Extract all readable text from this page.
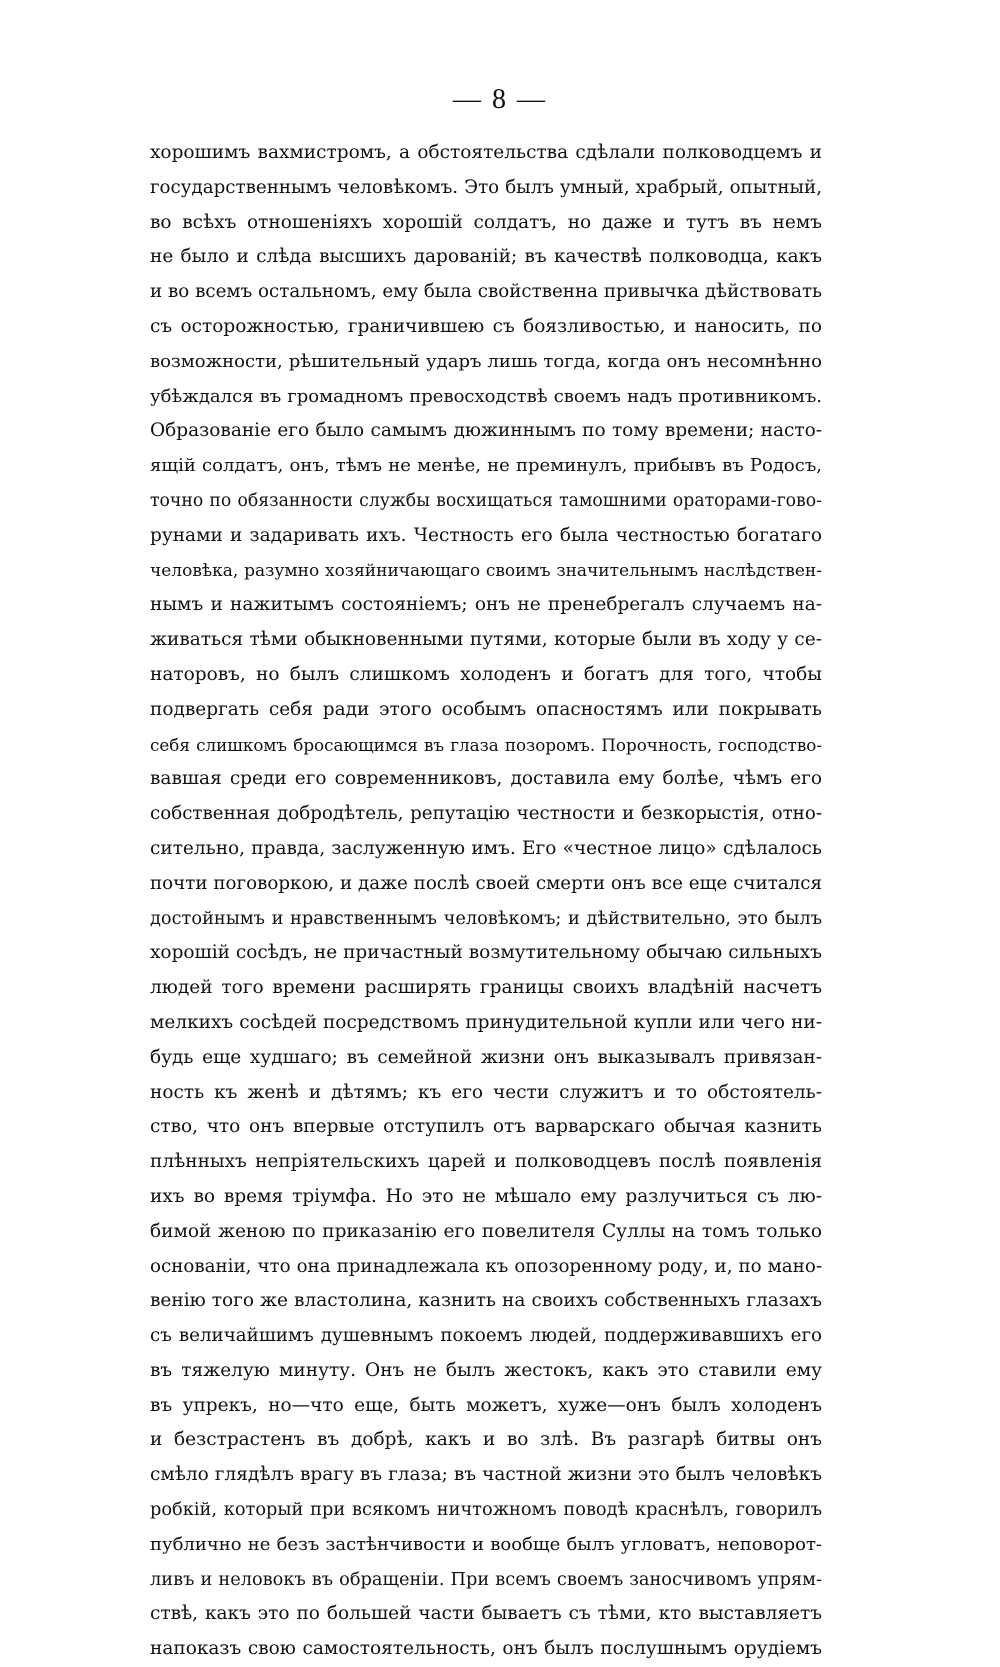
— 8 —
хорошимъ вахмистромъ, а обстоятельства сдѣлали полководцемъ и
государственнымъ человѣкомъ. Это былъ умный, храбрый, опытный,
во всѣхъ отношеніяхъ хорошій солдатъ, но даже и тутъ въ немъ
не было и слѣда высшихъ дарованій; въ качествѣ полководца, какъ
и во всемъ остальномъ, ему была свойственна привычка дѣйствовать
съ осторожностью, граничившею съ боязливостью, и наносить, по
возможности, рѣшительный ударъ лишь тогда, когда онъ несомнѣнно
убѣждался въ громадномъ превосходствѣ своемъ надъ противникомъ.
Образованіе его было самымъ дюжиннымъ по тому времени; насто-
ящій солдатъ, онъ, тѣмъ не менѣе, не преминулъ, прибывъ въ Родосъ,
точно по обязанности службы восхищаться тамошними ораторами-гово-
рунами и задаривать ихъ. Честность его была честностью богатаго
человѣка, разумно хозяйничающаго своимъ значительнымъ наслѣдствен-
нымъ и нажитымъ состояніемъ; онъ не пренебрегалъ случаемъ на-
живаться тѣми обыкновенными путями, которые были въ ходу у се-
наторовъ, но былъ слишкомъ холоденъ и богатъ для того, чтобы
подвергать себя ради этого особымъ опасностямъ или покрывать
себя слишкомъ бросающимся въ глаза позоромъ. Порочность, господство-
вавшая среди его современниковъ, доставила ему болѣе, чѣмъ его
собственная добродѣтель, репутацію честности и безкорыстія, отно-
сительно, правда, заслуженную имъ. Его «честное лицо» сдѣлалось
почти поговоркою, и даже послѣ своей смерти онъ все еще считался
достойнымъ и нравственнымъ человѣкомъ; и дѣйствительно, это былъ
хорошій сосѣдъ, не причастный возмутительному обычаю сильныхъ
людей того времени расширять границы своихъ владѣній насчетъ
мелкихъ сосѣдей посредствомъ принудительной купли или чего ни-
будь еще худшаго; въ семейной жизни онъ выказывалъ привязан-
ность къ женѣ и дѣтямъ; къ его чести служитъ и то обстоятель-
ство, что онъ впервые отступилъ отъ варварскаго обычая казнить
плѣнныхъ непріятельскихъ царей и полководцевъ послѣ появленія
ихъ во время тріумфа. Но это не мѣшало ему разлучиться съ лю-
бимой женою по приказанію его повелителя Суллы на томъ только
основаніи, что она принадлежала къ опозоренному роду, и, по мано-
венію того же властолина, казнить на своихъ собственныхъ глазахъ
съ величайшимъ душевнымъ покоемъ людей, поддерживавшихъ его
въ тяжелую минуту. Онъ не былъ жестокъ, какъ это ставили ему
въ упрекъ, но—что еще, быть можетъ, хуже—онъ былъ холоденъ
и безстрастенъ въ добрѣ, какъ и во злѣ. Въ разгарѣ битвы онъ
смѣло глядѣлъ врагу въ глаза; въ частной жизни это былъ человѣкъ
робкій, который при всякомъ ничтожномъ поводѣ краснѣлъ, говорилъ
публично не безъ застѣнчивости и вообще былъ угловатъ, неповорот-
ливъ и неловокъ въ обращеніи. При всемъ своемъ заносчивомъ упрям-
ствѣ, какъ это по большей части бываетъ съ тѣми, кто выставляетъ
напоказъ свою самостоятельность, онъ былъ послушнымъ орудіемъ
